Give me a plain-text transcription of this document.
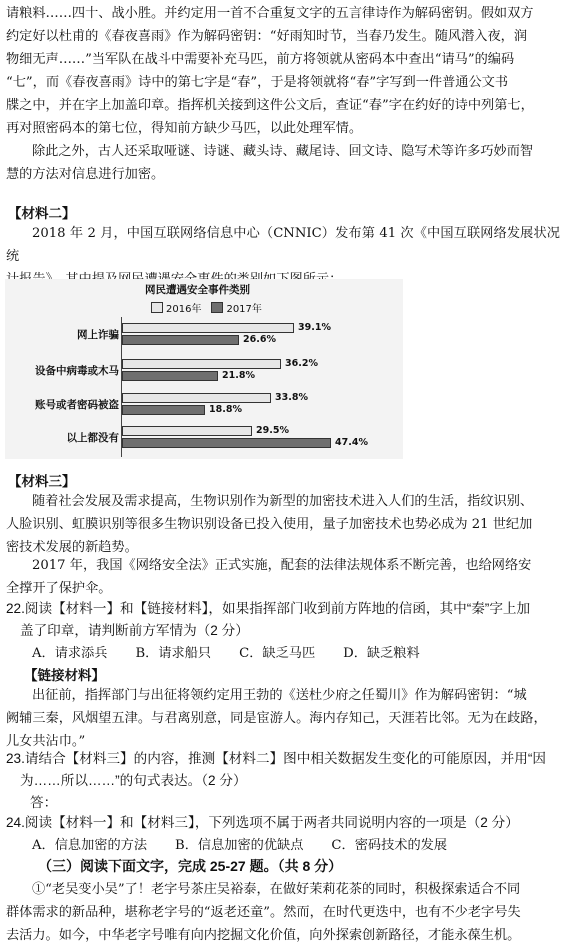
请粮料……四十、战小胜。并约定用一首不合重复文字的五言律诗作为解码密钥。假如双方
约定好以杜甫的《春夜喜雨》作为解码密钥：“好雨知时节，当春乃发生。随风潜入夜，润
物细无声……”当军队在战斗中需要补充马匹，前方将领就从密码本中查出“请马”的编码
“七”，而《春夜喜雨》诗中的第七字是“春”，于是将领就将“春”字写到一件普通公文书
牒之中，并在字上加盖印章。指挥机关接到这件公文后，查证“春”字在约好的诗中列第七，
再对照密码本的第七位，得知前方缺少马匹，以此处理军情。
除此之外，古人还采取哑谜、诗谜、藏头诗、藏尾诗、回文诗、隐写术等许多巧妙而智
慧的方法对信息进行加密。
【材料二】
2018 年 2 月，中国互联网络信息中心（CNNIC）发布第 41 次《中国互联网络发展状况统
网民遭遇安全事件类别
2016年	2017年
网上诈骗
39.1%
26.6%
设备中病毒或木马
36.2%
21.8%
账号或者密码被盗
33.8%
18.8%
以上都没有
29.5%
47.4%
【材料三】
随着社会发展及需求提高，生物识别作为新型的加密技术进入人们的生活，指纹识别、
人脸识别、虹膜识别等很多生物识别设备已投入使用，量子加密技术也势必成为 21 世纪加
密技术发展的新趋势。
2017 年，我国《网络安全法》正式实施，配套的法律法规体系不断完善，也给网络安
全撑开了保护伞。
22.阅读【材料一】和【链接材料】，如果指挥部门收到前方阵地的信函，其中“秦”字上加
盖了印章，请判断前方军情为（2 分）
A．请求添兵 B．请求船只 C．缺乏马匹 D．缺乏粮料
【链接材料】
出征前，指挥部门与出征将领约定用王勃的《送杜少府之任蜀川》作为解码密钥：“城
阙辅三秦，风烟望五津。与君离别意，同是宦游人。海内存知己，天涯若比邻。无为在歧路，
儿女共沾巾。”
23.请结合【材料三】的内容，推测【材料二】图中相关数据发生变化的可能原因，并用“因
为……所以……”的句式表达。（2 分）
答：
24.阅读【材料一】和【材料三】，下列选项不属于两者共同说明内容的一项是（2 分）
A．信息加密的方法 B．信息加密的优缺点 C．密码技术的发展
（三）阅读下面文字，完成 25-27 题。（共 8 分）
①“老吴变小吴”了！老字号茶庄吴裕泰，在做好茉莉花茶的同时，积极探索适合不同
群体需求的新品种，堪称老字号的“返老还童”。然而，在时代更迭中，也有不少老字号失
去活力。如今，中华老字号唯有向内挖掘文化价值，向外探索创新路径，才能永葆生机。
